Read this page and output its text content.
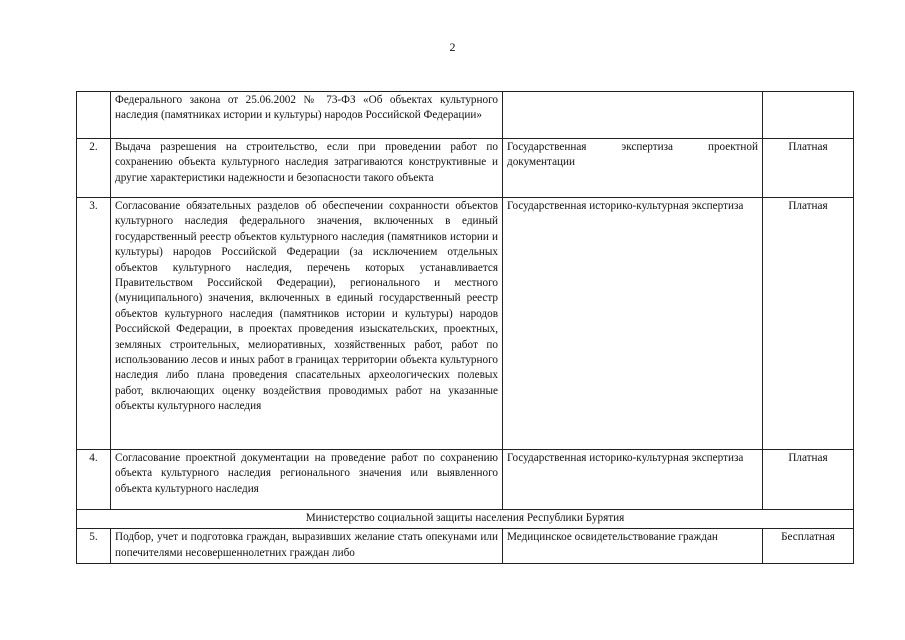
2
	Федерального закона от 25.06.2002 № 73-ФЗ «Об объектах культурного наследия (памятниках истории и культуры) народов Российской Федерации»		
2.	Выдача разрешения на строительство, если при проведении работ по сохранению объекта культурного наследия затрагиваются конструктивные и другие характеристики надежности и безопасности такого объекта	Государственная экспертиза проектной документации	Платная
3.	Согласование обязательных разделов об обеспечении сохранности объектов культурного наследия федерального значения, включенных в единый государственный реестр объектов культурного наследия (памятников истории и культуры) народов Российской Федерации (за исключением отдельных объектов культурного наследия, перечень которых устанавливается Правительством Российской Федерации), регионального и местного (муниципального) значения, включенных в единый государственный реестр объектов культурного наследия (памятников истории и культуры) народов Российской Федерации, в проектах проведения изыскательских, проектных, земляных строительных, мелиоративных, хозяйственных работ, работ по использованию лесов и иных работ в границах территории объекта культурного наследия либо плана проведения спасательных археологических полевых работ, включающих оценку воздействия проводимых работ на указанные объекты культурного наследия	Государственная историко-культурная экспертиза	Платная
4.	Согласование проектной документации на проведение работ по сохранению объекта культурного наследия регионального значения или выявленного объекта культурного наследия	Государственная историко-культурная экспертиза	Платная
Министерство социальной защиты населения Республики Бурятия			
5.	Подбор, учет и подготовка граждан, выразивших желание стать опекунами или попечителями несовершеннолетних граждан либо	Медицинское освидетельствование граждан	Бесплатная
